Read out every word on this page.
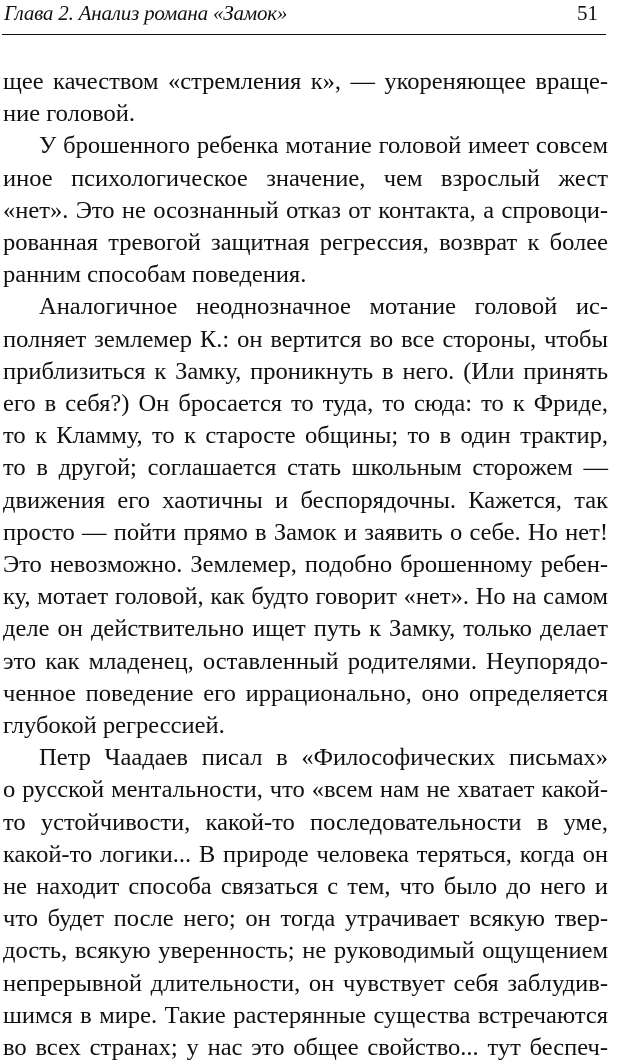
Глава 2. Анализ романа «Замок»	51
щее качеством «стремления к», — укореняющее враще-
ние головой.
У брошенного ребенка мотание головой имеет совсем
иное психологическое значение, чем взрослый жест
«нет». Это не осознанный отказ от контакта, а спровоци-
рованная тревогой защитная регрессия, возврат к более
ранним способам поведения.
Аналогичное неоднозначное мотание головой ис-
полняет землемер К.: он вертится во все стороны, чтобы
приблизиться к Замку, проникнуть в него. (Или принять
его в себя?) Он бросается то туда, то сюда: то к Фриде,
то к Кламму, то к старосте общины; то в один трактир,
то в другой; соглашается стать школьным сторожем —
движения его хаотичны и беспорядочны. Кажется, так
просто — пойти прямо в Замок и заявить о себе. Но нет!
Это невозможно. Землемер, подобно брошенному ребен-
ку, мотает головой, как будто говорит «нет». Но на самом
деле он действительно ищет путь к Замку, только делает
это как младенец, оставленный родителями. Неупорядо-
ченное поведение его иррационально, оно определяется
глубокой регрессией.
Петр Чаадаев писал в «Философических письмах»
о русской ментальности, что «всем нам не хватает какой-
то устойчивости, какой-то последовательности в уме,
какой-то логики... В природе человека теряться, когда он
не находит способа связаться с тем, что было до него и
что будет после него; он тогда утрачивает всякую твер-
дость, всякую уверенность; не руководимый ощущением
непрерывной длительности, он чувствует себя заблудив-
шимся в мире. Такие растерянные существа встречаются
во всех странах; у нас это общее свойство... тут беспеч-
